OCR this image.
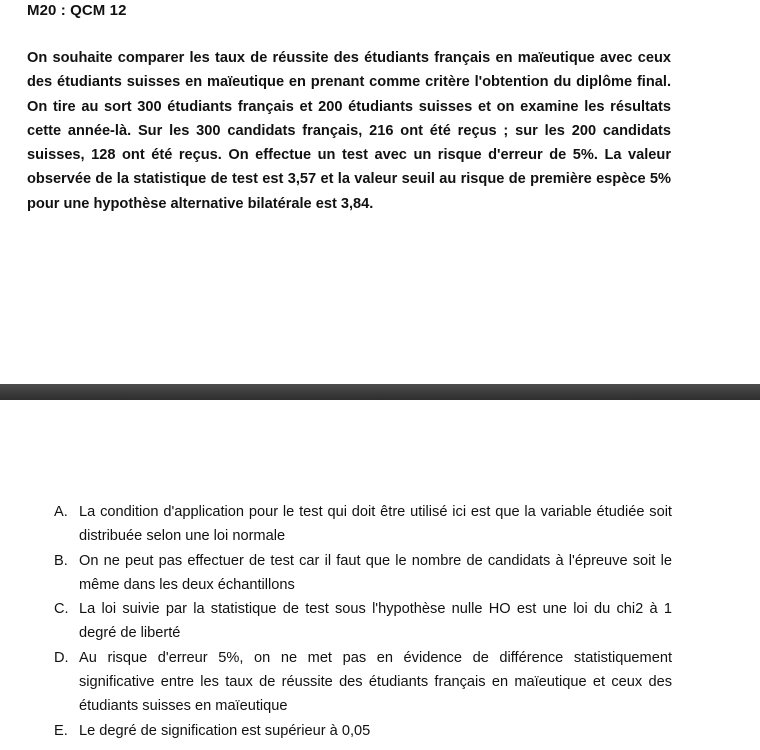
M20 : QCM 12

On souhaite comparer les taux de réussite des étudiants français en maïeutique avec ceux des étudiants suisses en maïeutique en prenant comme critère l'obtention du diplôme final. On tire au sort 300 étudiants français et 200 étudiants suisses et on examine les résultats cette année-là. Sur les 300 candidats français, 216 ont été reçus ; sur les 200 candidats suisses, 128 ont été reçus. On effectue un test avec un risque d'erreur de 5%. La valeur observée de la statistique de test est 3,57 et la valeur seuil au risque de première espèce 5% pour une hypothèse alternative bilatérale est 3,84.

A. La condition d'application pour le test qui doit être utilisé ici est que la variable étudiée soit distribuée selon une loi normale
B. On ne peut pas effectuer de test car il faut que le nombre de candidats à l'épreuve soit le même dans les deux échantillons
C. La loi suivie par la statistique de test sous l'hypothèse nulle HO est une loi du chi2 à 1 degré de liberté
D. Au risque d'erreur 5%, on ne met pas en évidence de différence statistiquement significative entre les taux de réussite des étudiants français en maïeutique et ceux des étudiants suisses en maïeutique
E. Le degré de signification est supérieur à 0,05
